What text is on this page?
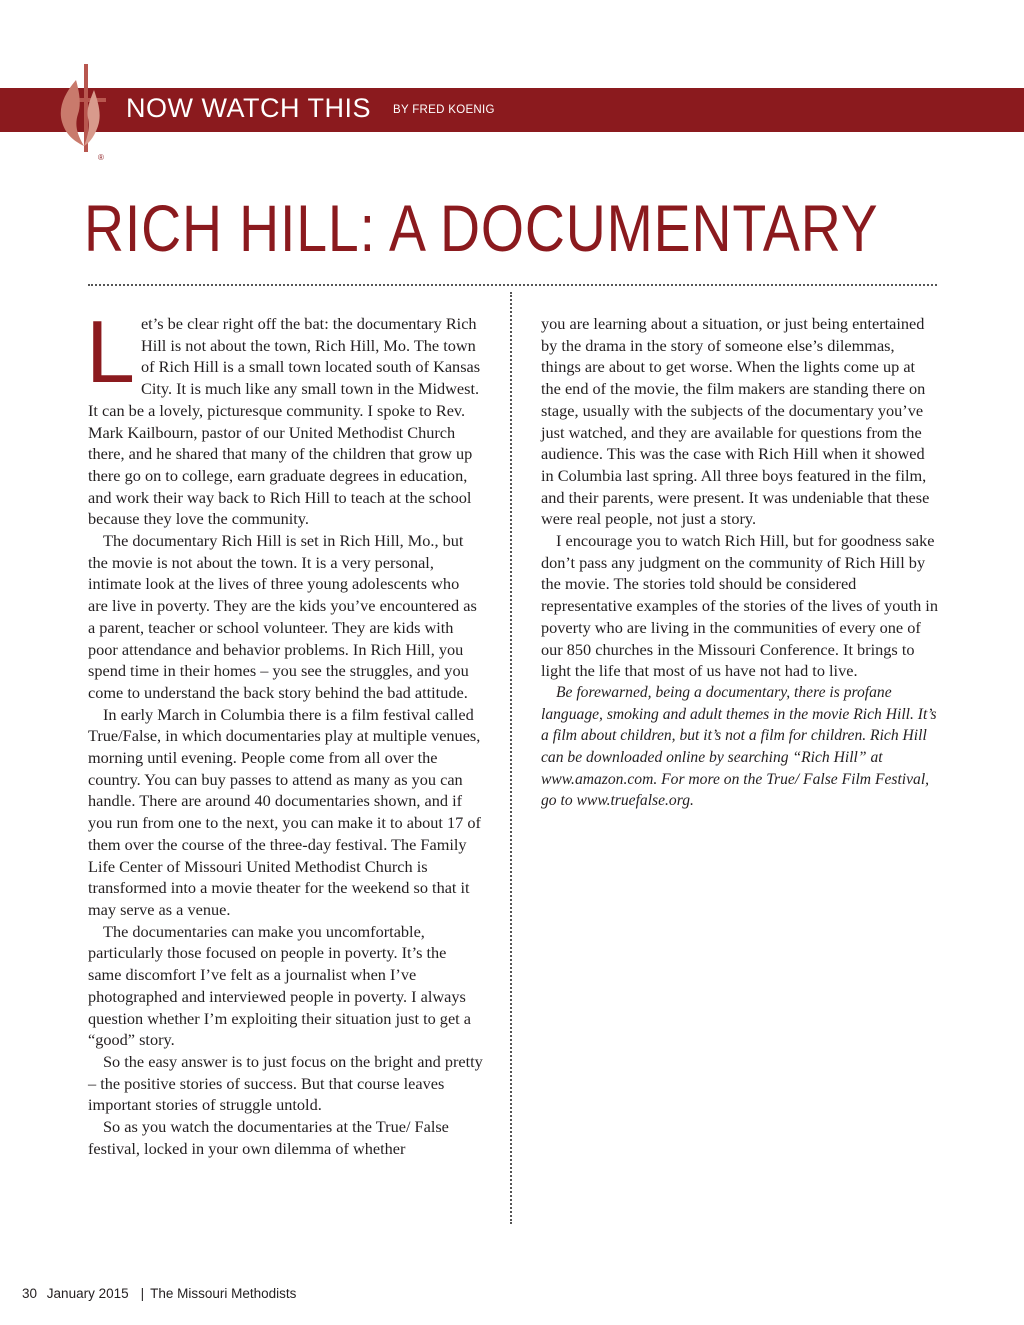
®
NOW WATCH THIS BY FRED KOENIG
RICH HILL: A DOCUMENTARY

Let’s be clear right off the bat: the documentary Rich Hill is not about the town, Rich Hill, Mo. The town of Rich Hill is a small town located south of Kansas City. It is much like any small town in the Midwest. It can be a lovely, picturesque community. I spoke to Rev. Mark Kailbourn, pastor of our United Methodist Church there, and he shared that many of the children that grow up there go on to college, earn graduate degrees in education, and work their way back to Rich Hill to teach at the school because they love the community.

The documentary Rich Hill is set in Rich Hill, Mo., but the movie is not about the town. It is a very personal, intimate look at the lives of three young adolescents who are live in poverty. They are the kids you’ve encountered as a parent, teacher or school volunteer. They are kids with poor attendance and behavior problems. In Rich Hill, you spend time in their homes – you see the struggles, and you come to understand the back story behind the bad attitude.

In early March in Columbia there is a film festival called True/False, in which documentaries play at multiple venues, morning until evening. People come from all over the country. You can buy passes to attend as many as you can handle. There are around 40 documentaries shown, and if you run from one to the next, you can make it to about 17 of them over the course of the three-day festival. The Family Life Center of Missouri United Methodist Church is transformed into a movie theater for the weekend so that it may serve as a venue.

The documentaries can make you uncomfortable, particularly those focused on people in poverty. It’s the same discomfort I’ve felt as a journalist when I’ve photographed and interviewed people in poverty. I always question whether I’m exploiting their situation just to get a “good” story.

So the easy answer is to just focus on the bright and pretty – the positive stories of success. But that course leaves important stories of struggle untold.

So as you watch the documentaries at the True/ False festival, locked in your own dilemma of whether

you are learning about a situation, or just being entertained by the drama in the story of someone else’s dilemmas, things are about to get worse. When the lights come up at the end of the movie, the film makers are standing there on stage, usually with the subjects of the documentary you’ve just watched, and they are available for questions from the audience. This was the case with Rich Hill when it showed in Columbia last spring. All three boys featured in the film, and their parents, were present. It was undeniable that these were real people, not just a story.

I encourage you to watch Rich Hill, but for goodness sake don’t pass any judgment on the community of Rich Hill by the movie. The stories told should be considered representative examples of the stories of the lives of youth in poverty who are living in the communities of every one of our 850 churches in the Missouri Conference. It brings to light the life that most of us have not had to live.

Be forewarned, being a documentary, there is profane language, smoking and adult themes in the movie Rich Hill. It’s a film about children, but it’s not a film for children. Rich Hill can be downloaded online by searching “Rich Hill” at www.amazon.com. For more on the True/ False Film Festival, go to www.truefalse.org.

30 January 2015 | The Missouri Methodists
